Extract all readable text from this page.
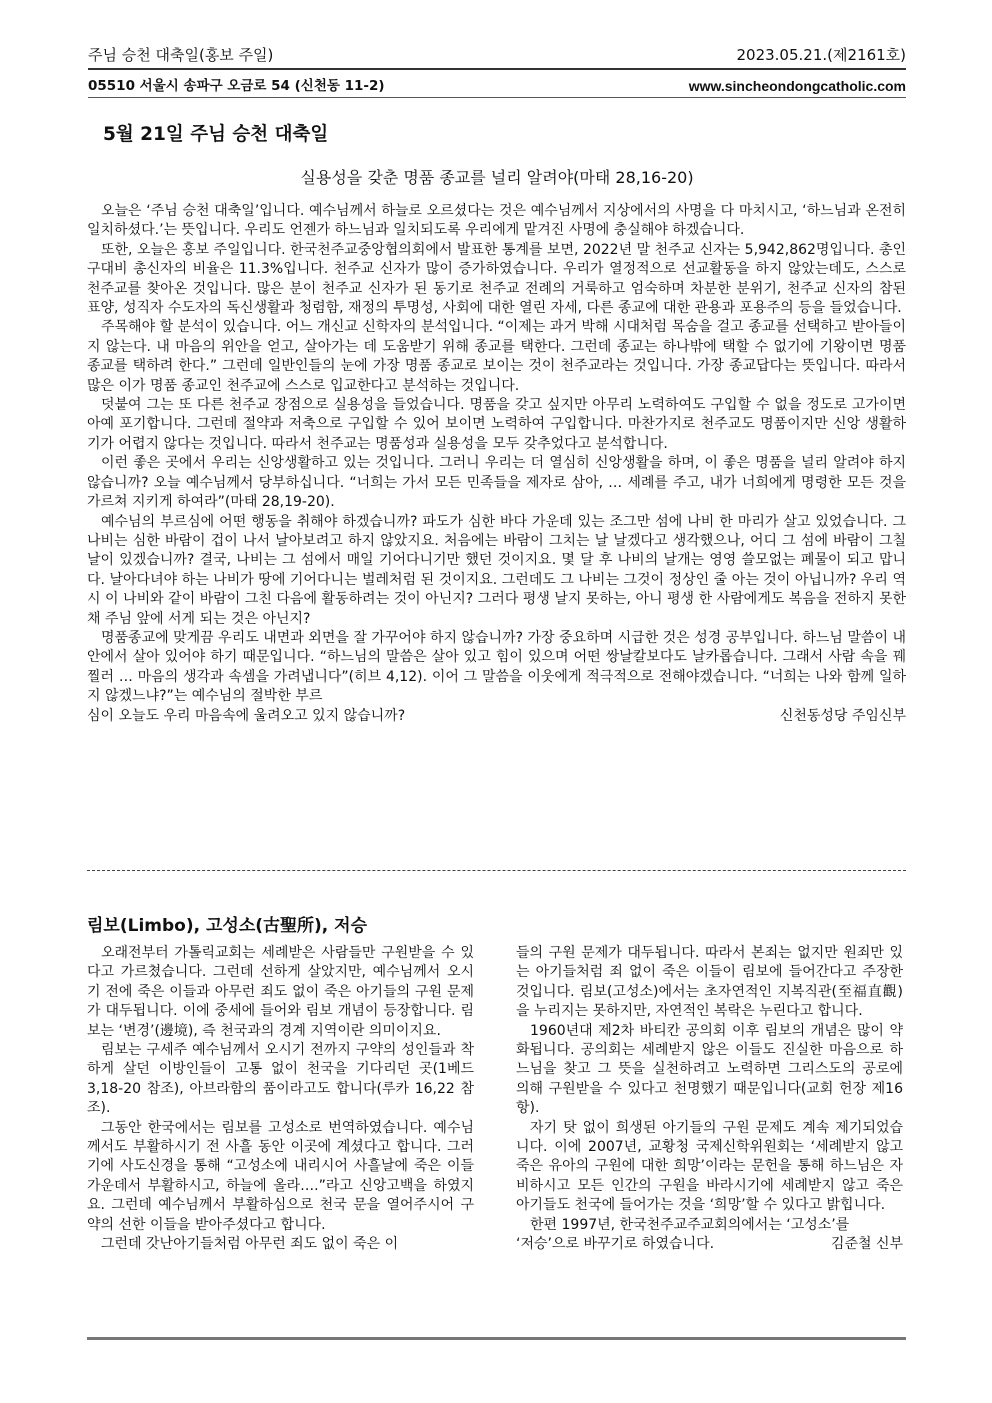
주님 승천 대축일(홍보 주일)	2023.05.21.(제2161호)
05510 서울시 송파구 오금로 54 (신천동 11-2)	www.sincheondongcatholic.com
5월 21일 주님 승천 대축일
실용성을 갖춘 명품 종교를 널리 알려야(마태 28,16-20)

오늘은 ‘주님 승천 대축일’입니다. 예수님께서 하늘로 오르셨다는 것은 예수님께서 지상에서의 사명을 다 마치시고, ‘하느님과 온전히 일치하셨다.’는 뜻입니다. 우리도 언젠가 하느님과 일치되도록 우리에게 맡겨진 사명에 충실해야 하겠습니다.

또한, 오늘은 홍보 주일입니다. 한국천주교중앙협의회에서 발표한 통계를 보면, 2022년 말 천주교 신자는 5,942,862명입니다. 총인구대비 총신자의 비율은 11.3%입니다. 천주교 신자가 많이 증가하였습니다. 우리가 열정적으로 선교활동을 하지 않았는데도, 스스로 천주교를 찾아온 것입니다. 많은 분이 천주교 신자가 된 동기로 천주교 전례의 거룩하고 엄숙하며 차분한 분위기, 천주교 신자의 참된 표양, 성직자 수도자의 독신생활과 청렴함, 재정의 투명성, 사회에 대한 열린 자세, 다른 종교에 대한 관용과 포용주의 등을 들었습니다.

주목해야 할 분석이 있습니다. 어느 개신교 신학자의 분석입니다. “이제는 과거 박해 시대처럼 목숨을 걸고 종교를 선택하고 받아들이지 않는다. 내 마음의 위안을 얻고, 살아가는 데 도움받기 위해 종교를 택한다. 그런데 종교는 하나밖에 택할 수 없기에 기왕이면 명품 종교를 택하려 한다.” 그런데 일반인들의 눈에 가장 명품 종교로 보이는 것이 천주교라는 것입니다. 가장 종교답다는 뜻입니다. 따라서 많은 이가 명품 종교인 천주교에 스스로 입교한다고 분석하는 것입니다.

덧붙여 그는 또 다른 천주교 장점으로 실용성을 들었습니다. 명품을 갖고 싶지만 아무리 노력하여도 구입할 수 없을 정도로 고가이면 아예 포기합니다. 그런데 절약과 저축으로 구입할 수 있어 보이면 노력하여 구입합니다. 마찬가지로 천주교도 명품이지만 신앙 생활하기가 어렵지 않다는 것입니다. 따라서 천주교는 명품성과 실용성을 모두 갖추었다고 분석합니다.

이런 좋은 곳에서 우리는 신앙생활하고 있는 것입니다. 그러니 우리는 더 열심히 신앙생활을 하며, 이 좋은 명품을 널리 알려야 하지 않습니까? 오늘 예수님께서 당부하십니다. “너희는 가서 모든 민족들을 제자로 삼아, … 세례를 주고, 내가 너희에게 명령한 모든 것을 가르쳐 지키게 하여라”(마태 28,19-20).

예수님의 부르심에 어떤 행동을 취해야 하겠습니까? 파도가 심한 바다 가운데 있는 조그만 섬에 나비 한 마리가 살고 있었습니다. 그 나비는 심한 바람이 겁이 나서 날아보려고 하지 않았지요. 처음에는 바람이 그치는 날 날겠다고 생각했으나, 어디 그 섬에 바람이 그칠 날이 있겠습니까? 결국, 나비는 그 섬에서 매일 기어다니기만 했던 것이지요. 몇 달 후 나비의 날개는 영영 쓸모없는 폐물이 되고 맙니다. 날아다녀야 하는 나비가 땅에 기어다니는 벌레처럼 된 것이지요. 그런데도 그 나비는 그것이 정상인 줄 아는 것이 아닙니까? 우리 역시 이 나비와 같이 바람이 그친 다음에 활동하려는 것이 아닌지? 그러다 평생 날지 못하는, 아니 평생 한 사람에게도 복음을 전하지 못한 채 주님 앞에 서게 되는 것은 아닌지?

명품종교에 맞게끔 우리도 내면과 외면을 잘 가꾸어야 하지 않습니까? 가장 중요하며 시급한 것은 성경 공부입니다. 하느님 말씀이 내 안에서 살아 있어야 하기 때문입니다. “하느님의 말씀은 살아 있고 힘이 있으며 어떤 쌍날칼보다도 날카롭습니다. 그래서 사람 속을 꿰찔러 … 마음의 생각과 속셈을 가려냅니다”(히브 4,12). 이어 그 말씀을 이웃에게 적극적으로 전해야겠습니다. “너희는 나와 함께 일하지 않겠느냐?”는 예수님의 절박한 부르

심이 오늘도 우리 마음속에 울려오고 있지 않습니까?	신천동성당 주임신부
림보(Limbo), 고성소(古聖所), 저승

오래전부터 가톨릭교회는 세례받은 사람들만 구원받을 수 있다고 가르쳤습니다. 그런데 선하게 살았지만, 예수님께서 오시기 전에 죽은 이들과 아무런 죄도 없이 죽은 아기들의 구원 문제가 대두됩니다. 이에 중세에 들어와 림보 개념이 등장합니다. 림보는 ‘변경’(邊境), 즉 천국과의 경계 지역이란 의미이지요.

림보는 구세주 예수님께서 오시기 전까지 구약의 성인들과 착하게 살던 이방인들이 고통 없이 천국을 기다리던 곳(1베드 3,18-20 참조), 아브라함의 품이라고도 합니다(루카 16,22 참조).

그동안 한국에서는 림보를 고성소로 번역하였습니다. 예수님께서도 부활하시기 전 사흘 동안 이곳에 계셨다고 합니다. 그러기에 사도신경을 통해 “고성소에 내리시어 사흘날에 죽은 이들 가운데서 부활하시고, 하늘에 올라….”라고 신앙고백을 하였지요. 그런데 예수님께서 부활하심으로 천국 문을 열어주시어 구약의 선한 이들을 받아주셨다고 합니다.

그런데 갓난아기들처럼 아무런 죄도 없이 죽은 이

들의 구원 문제가 대두됩니다. 따라서 본죄는 없지만 원죄만 있는 아기들처럼 죄 없이 죽은 이들이 림보에 들어간다고 주장한 것입니다. 림보(고성소)에서는 초자연적인 지복직관(至福直觀)을 누리지는 못하지만, 자연적인 복락은 누린다고 합니다.

1960년대 제2차 바티칸 공의회 이후 림보의 개념은 많이 약화됩니다. 공의회는 세례받지 않은 이들도 진실한 마음으로 하느님을 찾고 그 뜻을 실천하려고 노력하면 그리스도의 공로에 의해 구원받을 수 있다고 천명했기 때문입니다(교회 헌장 제16항).

자기 탓 없이 희생된 아기들의 구원 문제도 계속 제기되었습니다. 이에 2007년, 교황청 국제신학위원회는 ‘세례받지 않고 죽은 유아의 구원에 대한 희망’이라는 문헌을 통해 하느님은 자비하시고 모든 인간의 구원을 바라시기에 세례받지 않고 죽은 아기들도 천국에 들어가는 것을 ‘희망’할 수 있다고 밝힙니다.

한편 1997년, 한국천주교주교회의에서는 ‘고성소’를

‘저승’으로 바꾸기로 하였습니다.	김준철 신부
